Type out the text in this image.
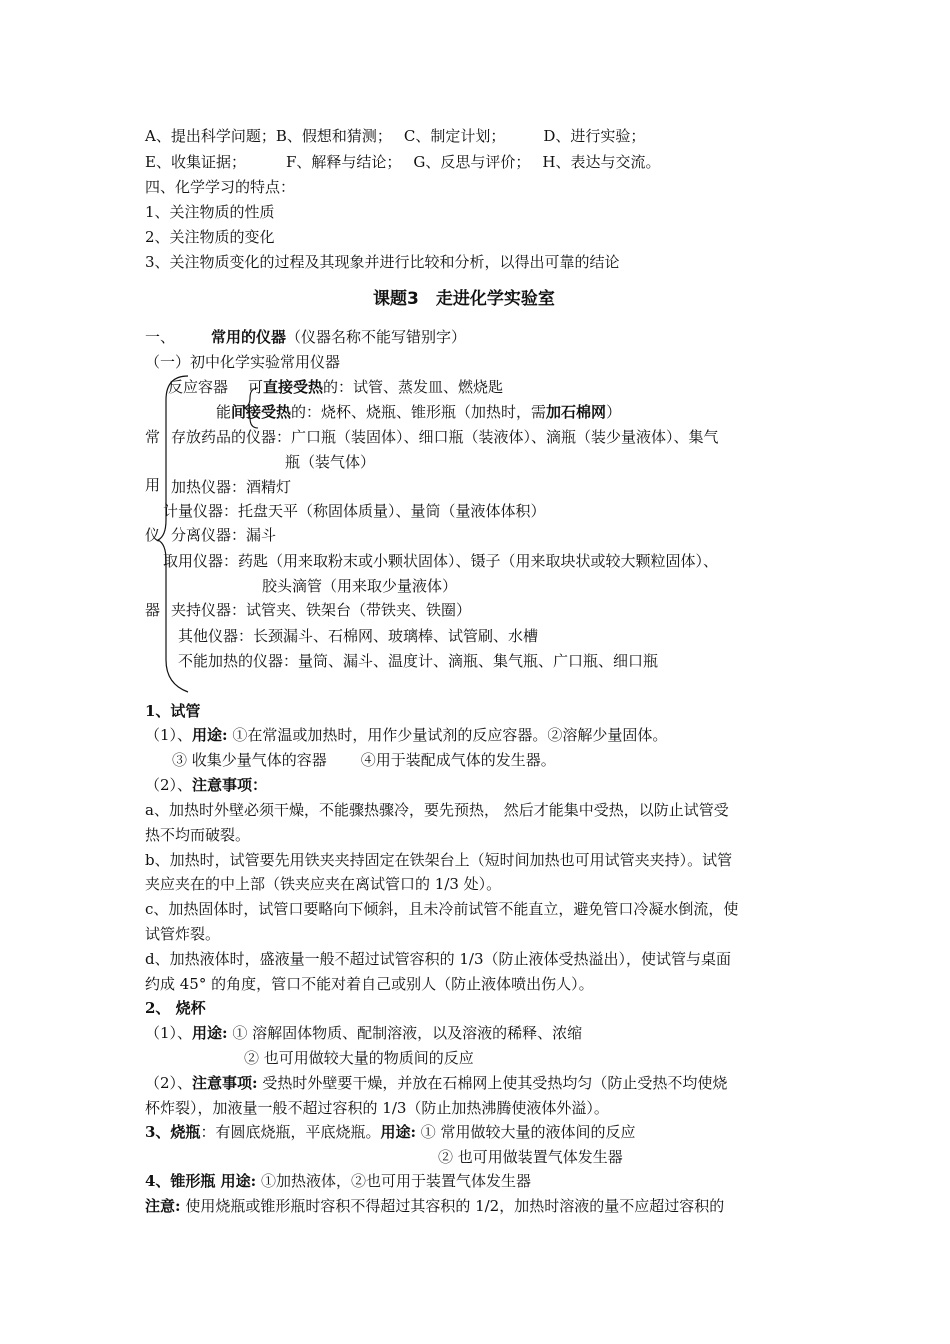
A、提出科学问题；B、假想和猜测； C、制定计划；	D、进行实验；
E、收集证据；	F、解释与结论； G、反思与评价； H、表达与交流。
四、化学学习的特点：
1、关注物质的性质
2、关注物质的变化
3、关注物质变化的过程及其现象并进行比较和分析，以得出可靠的结论
课题3　走进化学实验室
一、 常用的仪器（仪器名称不能写错别字）
（一）初中化学实验常用仪器
常
用
仪
器
反应容器 可直接受热的：试管、蒸发皿、燃烧匙
能间接受热的：烧杯、烧瓶、锥形瓶（加热时，需加石棉网）
存放药品的仪器：广口瓶（装固体）、细口瓶（装液体）、滴瓶（装少量液体）、集气
瓶（装气体）
加热仪器：酒精灯
计量仪器：托盘天平（称固体质量）、量筒（量液体体积）
分离仪器：漏斗
取用仪器：药匙（用来取粉末或小颗状固体）、镊子（用来取块状或较大颗粒固体）、
胶头滴管（用来取少量液体）
夹持仪器：试管夹、铁架台（带铁夹、铁圈）
其他仪器：长颈漏斗、石棉网、玻璃棒、试管刷、水槽
不能加热的仪器：量筒、漏斗、温度计、滴瓶、集气瓶、广口瓶、细口瓶
1、试管
（1）、用途: ①在常温或加热时，用作少量试剂的反应容器。②溶解少量固体。
③ 收集少量气体的容器 ④用于装配成气体的发生器。
（2）、注意事项：
a、加热时外壁必须干燥，不能骤热骤冷，要先预热， 然后才能集中受热，以防止试管受
热不均而破裂。
b、加热时，试管要先用铁夹夹持固定在铁架台上（短时间加热也可用试管夹夹持）。试管
夹应夹在的中上部（铁夹应夹在离试管口的 1/3 处）。
c、加热固体时，试管口要略向下倾斜，且未冷前试管不能直立，避免管口冷凝水倒流，使
试管炸裂。
d、加热液体时，盛液量一般不超过试管容积的 1/3（防止液体受热溢出），使试管与桌面
约成 45° 的角度，管口不能对着自己或别人（防止液体喷出伤人）。
2、 烧杯
（1）、用途: ① 溶解固体物质、配制溶液，以及溶液的稀释、浓缩
② 也可用做较大量的物质间的反应
（2）、注意事项: 受热时外壁要干燥，并放在石棉网上使其受热均匀（防止受热不均使烧
杯炸裂），加液量一般不超过容积的 1/3（防止加热沸腾使液体外溢）。
3、烧瓶：有圆底烧瓶，平底烧瓶。用途: ① 常用做较大量的液体间的反应
② 也可用做装置气体发生器
4、锥形瓶 用途: ①加热液体，②也可用于装置气体发生器
注意: 使用烧瓶或锥形瓶时容积不得超过其容积的 1/2，加热时溶液的量不应超过容积的
